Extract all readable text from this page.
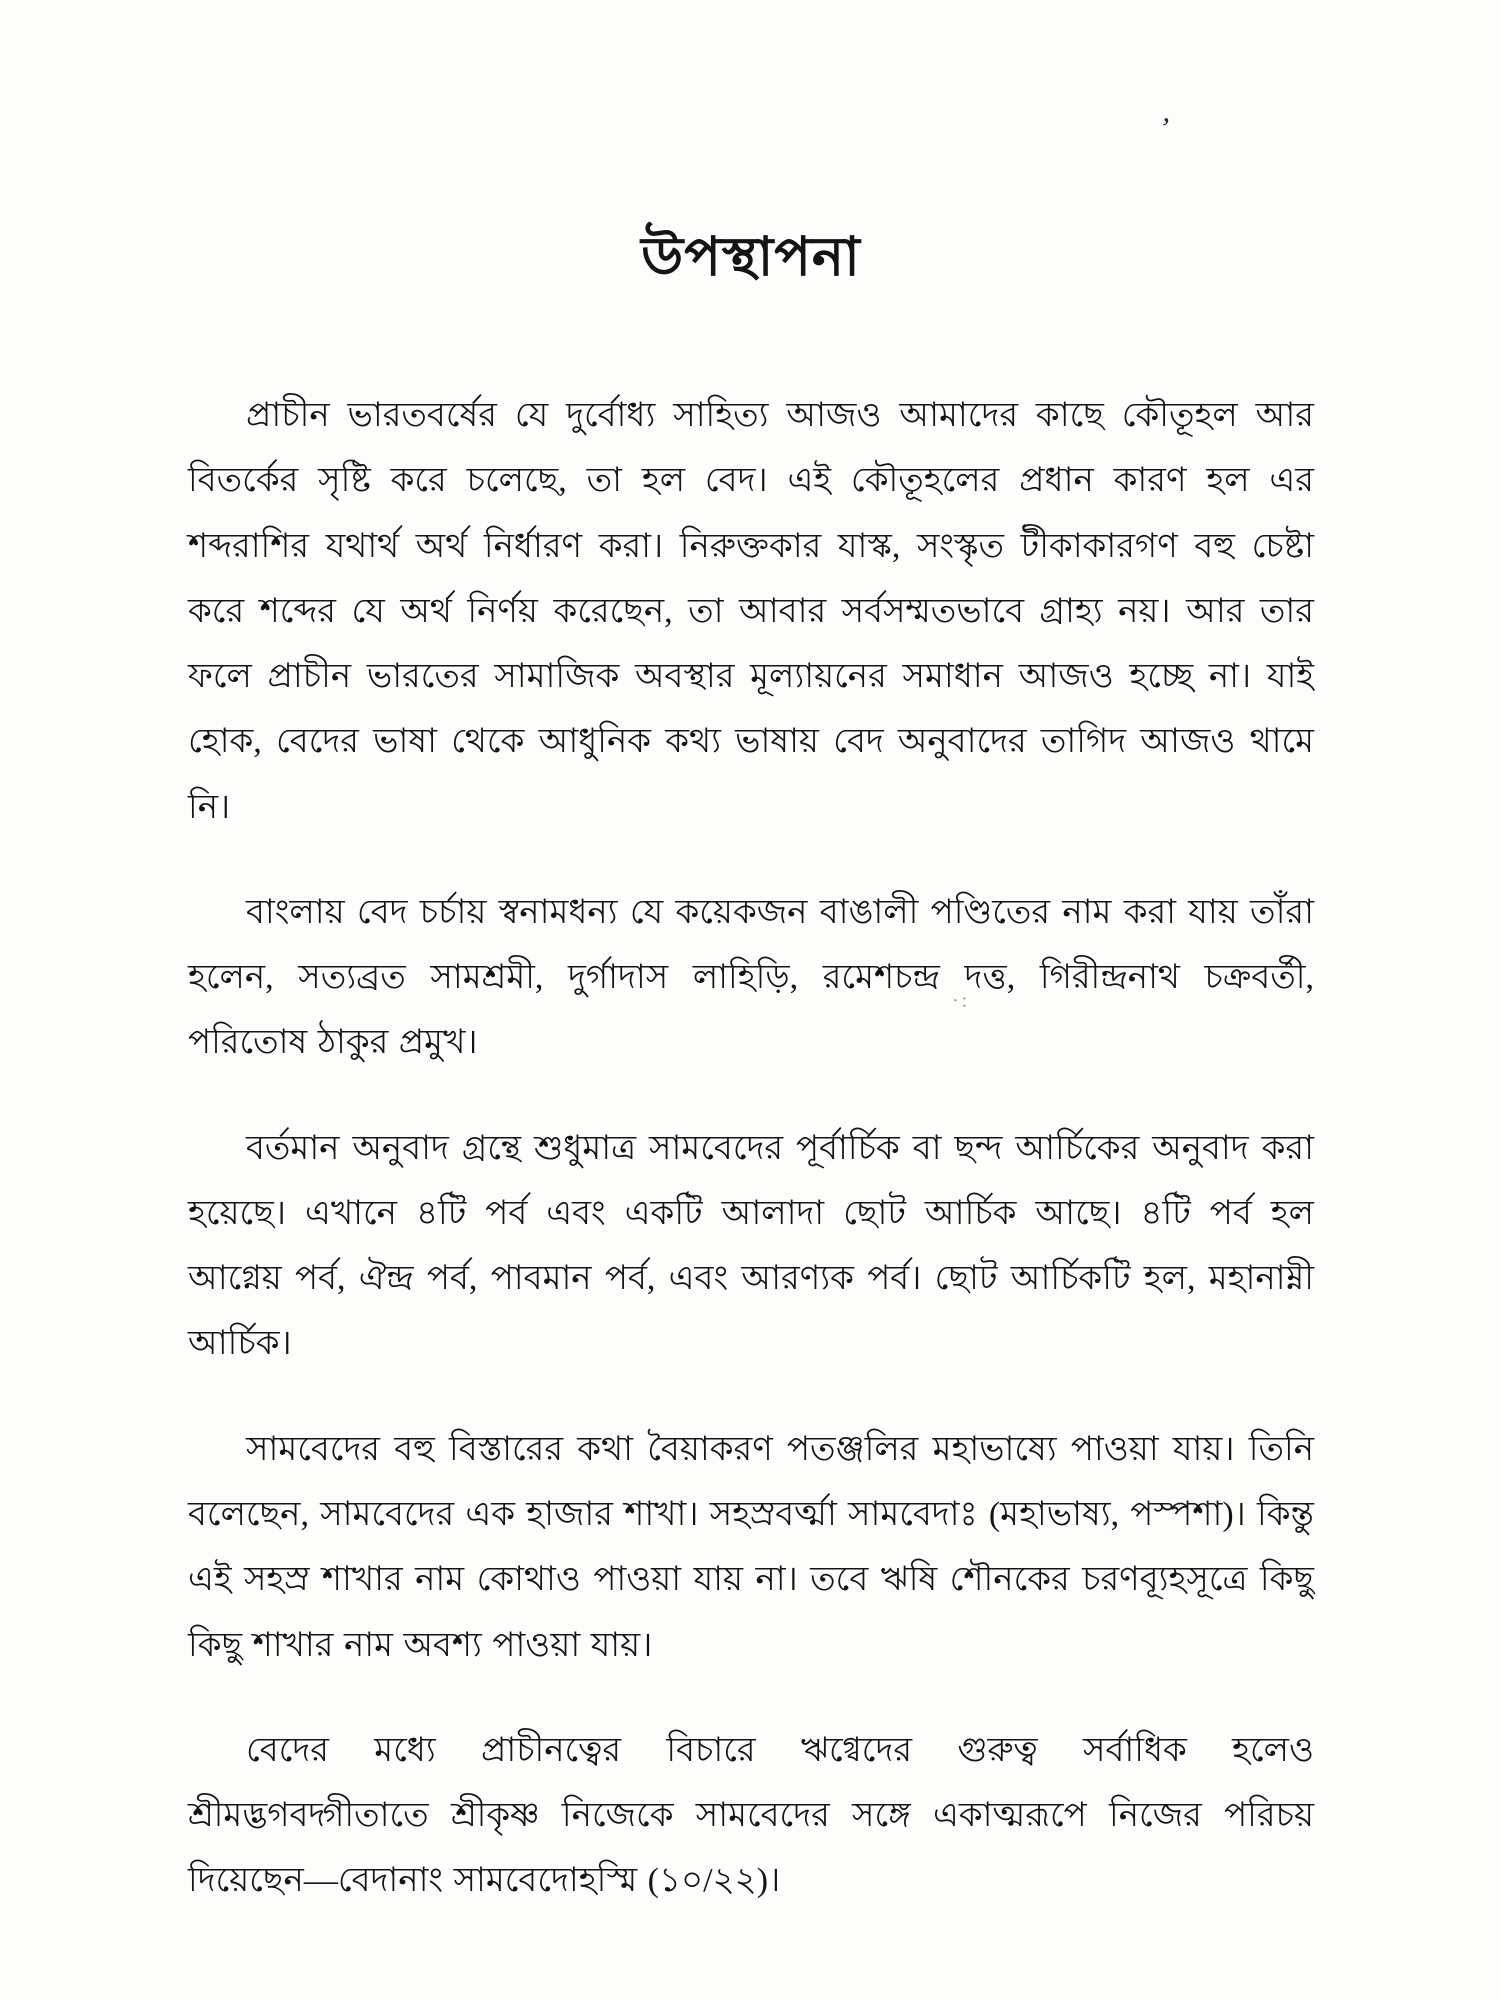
’
·:
উপস্থাপনা

প্রাচীন ভারতবর্ষের যে দুর্বোধ্য সাহিত্য আজও আমাদের কাছে কৌতূহল আর বিতর্কের সৃষ্টি করে চলেছে, তা হল বেদ। এই কৌতূহলের প্রধান কারণ হল এর শব্দরাশির যথার্থ অর্থ নির্ধারণ করা। নিরুক্তকার যাস্ক, সংস্কৃত টীকাকারগণ বহু চেষ্টা করে শব্দের যে অর্থ নির্ণয় করেছেন, তা আবার সর্বসম্মতভাবে গ্রাহ্য নয়। আর তার ফলে প্রাচীন ভারতের সামাজিক অবস্থার মূল্যায়নের সমাধান আজও হচ্ছে না। যাই হোক, বেদের ভাষা থেকে আধুনিক কথ্য ভাষায় বেদ অনুবাদের তাগিদ আজও থামে নি।

বাংলায় বেদ চর্চায় স্বনামধন্য যে কয়েকজন বাঙালী পণ্ডিতের নাম করা যায় তাঁরা হলেন, সত্যব্রত সামশ্রমী, দুর্গাদাস লাহিড়ি, রমেশচন্দ্র দত্ত, গিরীন্দ্রনাথ চক্রবর্তী, পরিতোষ ঠাকুর প্রমুখ।

বর্তমান অনুবাদ গ্রন্থে শুধুমাত্র সামবেদের পূর্বার্চিক বা ছন্দ আর্চিকের অনুবাদ করা হয়েছে। এখানে ৪টি পর্ব এবং একটি আলাদা ছোট আর্চিক আছে। ৪টি পর্ব হল আগ্নেয় পর্ব, ঐন্দ্র পর্ব, পাবমান পর্ব, এবং আরণ্যক পর্ব। ছোট আর্চিকটি হল, মহানাম্নী আর্চিক।

সামবেদের বহু বিস্তারের কথা বৈয়াকরণ পতঞ্জলির মহাভাষ্যে পাওয়া যায়। তিনি বলেছেন, সামবেদের এক হাজার শাখা। সহস্রবর্ত্মা সামবেদাঃ (মহাভাষ্য, পস্পশা)। কিন্তু এই সহস্র শাখার নাম কোথাও পাওয়া যায় না। তবে ঋষি শৌনকের চরণব্যূহসূত্রে কিছু কিছু শাখার নাম অবশ্য পাওয়া যায়।

বেদের মধ্যে প্রাচীনত্বের বিচারে ঋগ্বেদের গুরুত্ব সর্বাধিক হলেও শ্রীমদ্ভগবদ্গীতাতে শ্রীকৃষ্ণ নিজেকে সামবেদের সঙ্গে একাত্মরূপে নিজের পরিচয় দিয়েছেন—বেদানাং সামবেদোহস্মি (১০/২২)।
